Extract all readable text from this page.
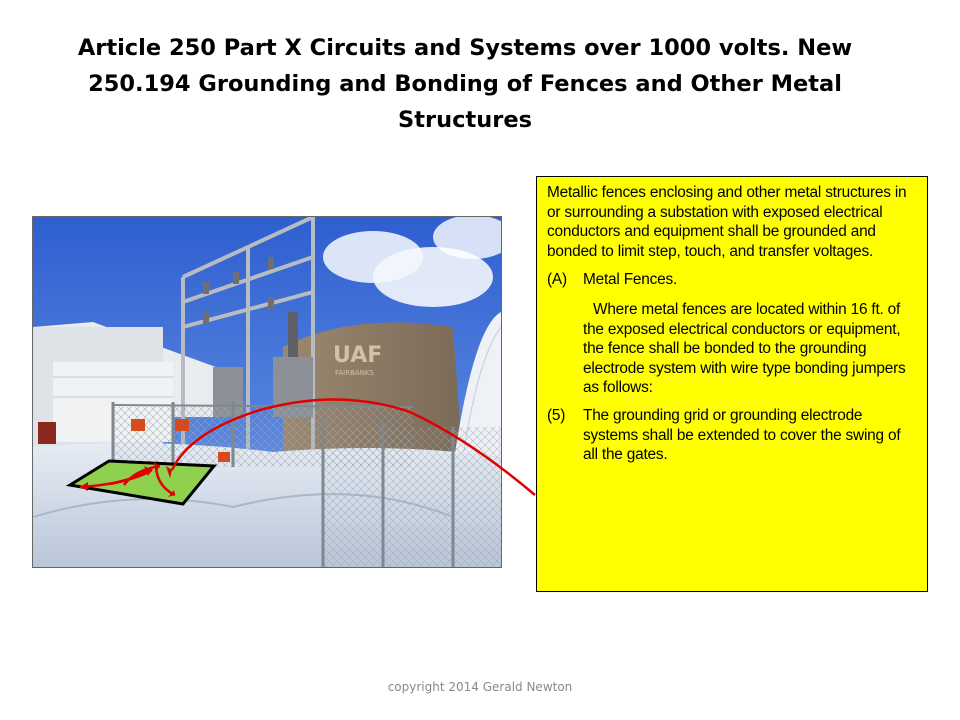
Article 250 Part X Circuits and Systems over 1000 volts. New
250.194 Grounding and Bonding of Fences and Other Metal
Structures
UAF
FAIRBANKS

Metallic fences enclosing and other metal structures in or surrounding a substation with exposed electrical conductors and equipment shall be grounded and bonded to limit step, touch, and transfer voltages.

(A)	Metal Fences.

Where metal fences are located within 16 ft. of the exposed electrical conductors or equipment, the fence shall be bonded to the grounding electrode system with wire type bonding jumpers as follows:

(5)	The grounding grid or grounding electrode systems shall be extended to cover the swing of all the gates.
copyright 2014 Gerald Newton
